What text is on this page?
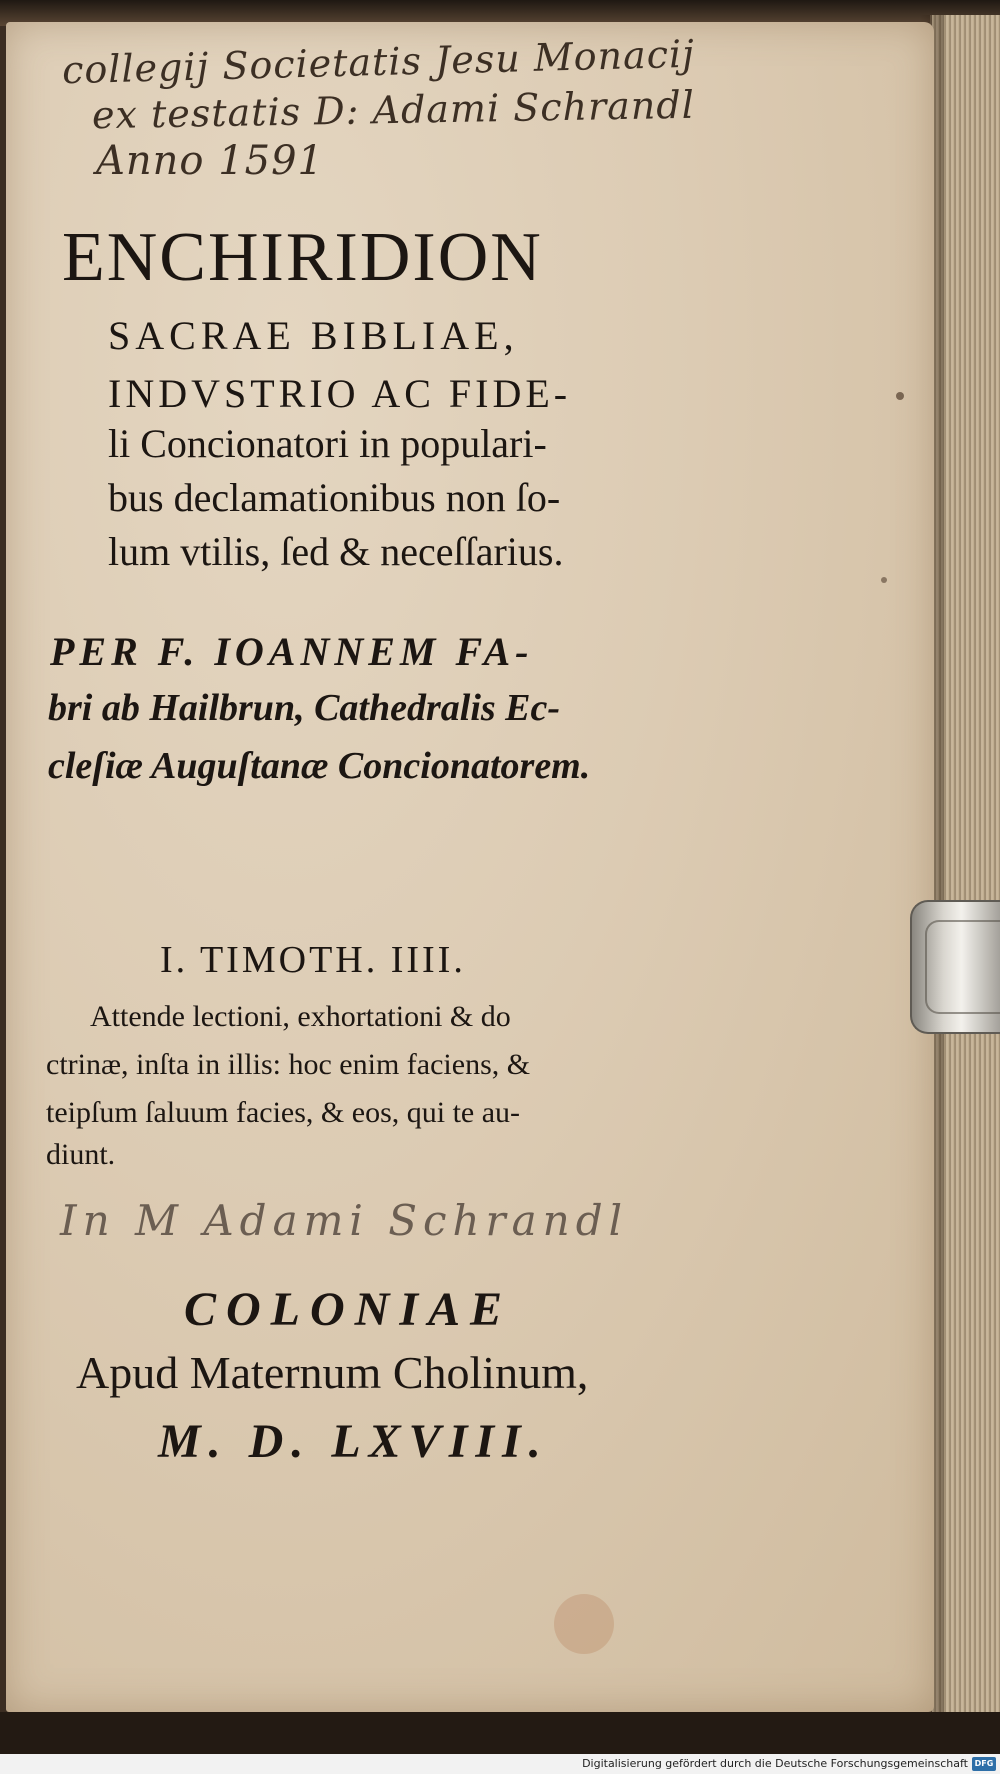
collegij Societatis Jesu Monacij
ex testatis D: Adami Schrandl
Anno 1591
ENCHIRIDION
SACRAE BIBLIAE,
INDVSTRIO AC FIDE-
li Concionatori in populari-
bus declamationibus non ſo-
lum vtilis, ſed & neceſſarius.
PER F. IOANNEM FA-
bri ab Hailbrun, Cathedralis Ec-
cleſiæ Auguſtanæ Concionatorem.
I. TIMOTH. IIII.
Attende lectioni, exhortationi & do
ctrinæ, inſta in illis: hoc enim faciens, &
teipſum ſaluum facies, & eos, qui te au-
diunt.
In M Adami Schrandl
COLONIAE
Apud Maternum Cholinum,
M. D. LXVIII.
Digitalisierung gefördert durch die Deutsche Forschungsgemeinschaft DFG
